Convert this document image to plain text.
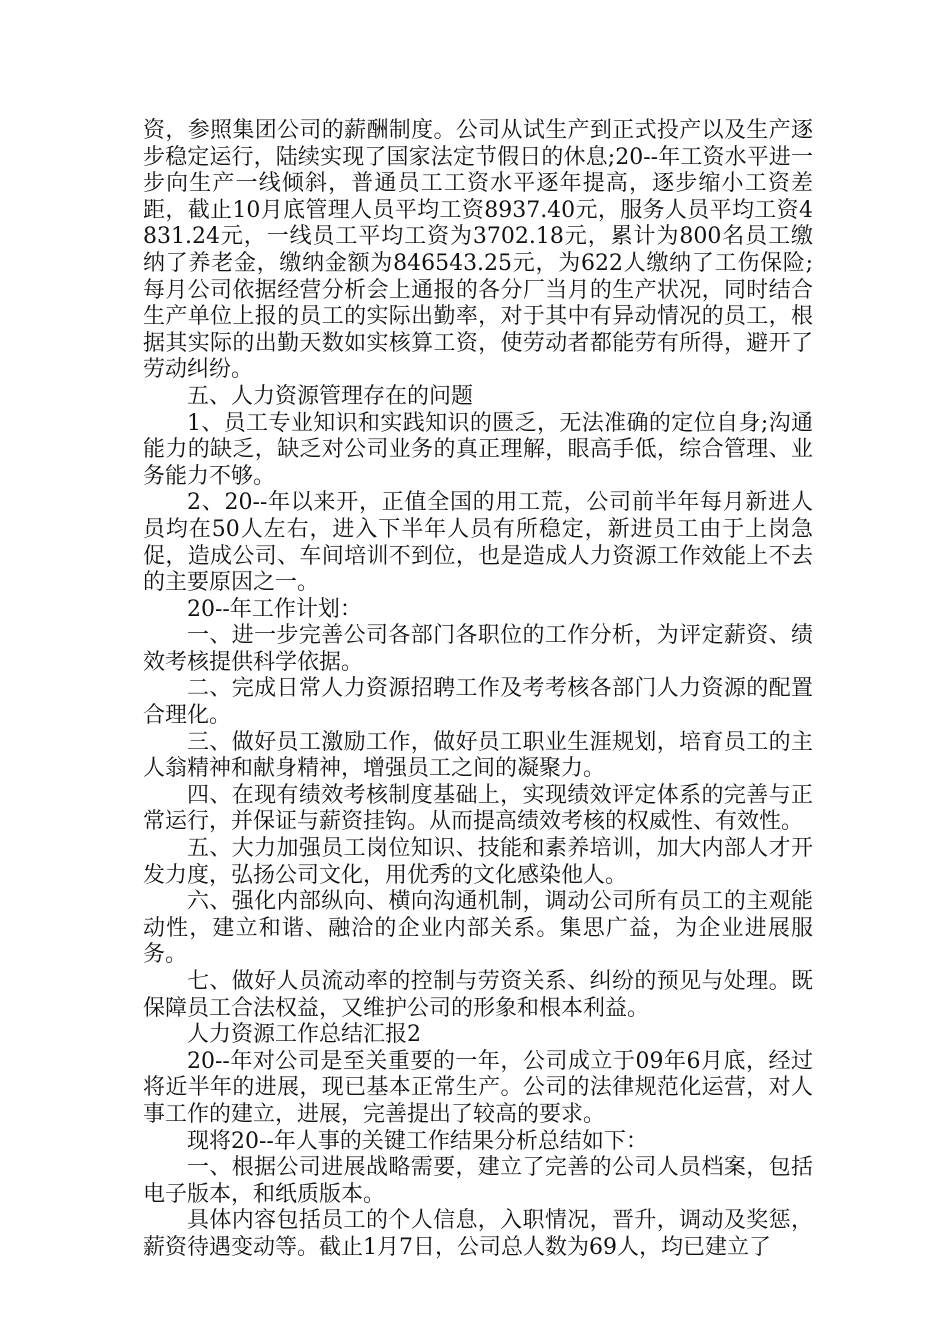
资，参照集团公司的薪酬制度。公司从试生产到正式投产以及生产逐步稳定运行，陆续实现了国家法定节假日的休息;20--年工资水平进一步向生产一线倾斜，普通员工工资水平逐年提高，逐步缩小工资差距，截止10月底管理人员平均工资8937.40元，服务人员平均工资4831.24元，一线员工平均工资为3702.18元，累计为800名员工缴纳了养老金，缴纳金额为846543.25元，为622人缴纳了工伤保险;每月公司依据经营分析会上通报的各分厂当月的生产状况，同时结合生产单位上报的员工的实际出勤率，对于其中有异动情况的员工，根据其实际的出勤天数如实核算工资，使劳动者都能劳有所得，避开了劳动纠纷。

五、人力资源管理存在的问题

1、员工专业知识和实践知识的匮乏，无法准确的定位自身;沟通能力的缺乏，缺乏对公司业务的真正理解，眼高手低，综合管理、业务能力不够。

2、20--年以来开，正值全国的用工荒，公司前半年每月新进人员均在50人左右，进入下半年人员有所稳定，新进员工由于上岗急促，造成公司、车间培训不到位，也是造成人力资源工作效能上不去的主要原因之一。

20--年工作计划：

一、进一步完善公司各部门各职位的工作分析，为评定薪资、绩效考核提供科学依据。

二、完成日常人力资源招聘工作及考考核各部门人力资源的配置合理化。

三、做好员工激励工作，做好员工职业生涯规划，培育员工的主人翁精神和献身精神，增强员工之间的凝聚力。

四、在现有绩效考核制度基础上，实现绩效评定体系的完善与正常运行，并保证与薪资挂钩。从而提高绩效考核的权威性、有效性。

五、大力加强员工岗位知识、技能和素养培训，加大内部人才开发力度，弘扬公司文化，用优秀的文化感染他人。

六、强化内部纵向、横向沟通机制，调动公司所有员工的主观能动性，建立和谐、融洽的企业内部关系。集思广益，为企业进展服务。

七、做好人员流动率的控制与劳资关系、纠纷的预见与处理。既保障员工合法权益，又维护公司的形象和根本利益。

人力资源工作总结汇报2

20--年对公司是至关重要的一年，公司成立于09年6月底，经过将近半年的进展，现已基本正常生产。公司的法律规范化运营，对人事工作的建立，进展，完善提出了较高的要求。

现将20--年人事的关键工作结果分析总结如下：

一、根据公司进展战略需要，建立了完善的公司人员档案，包括电子版本，和纸质版本。

具体内容包括员工的个人信息，入职情况，晋升，调动及奖惩，薪资待遇变动等。截止1月7日，公司总人数为69人，均已建立了
